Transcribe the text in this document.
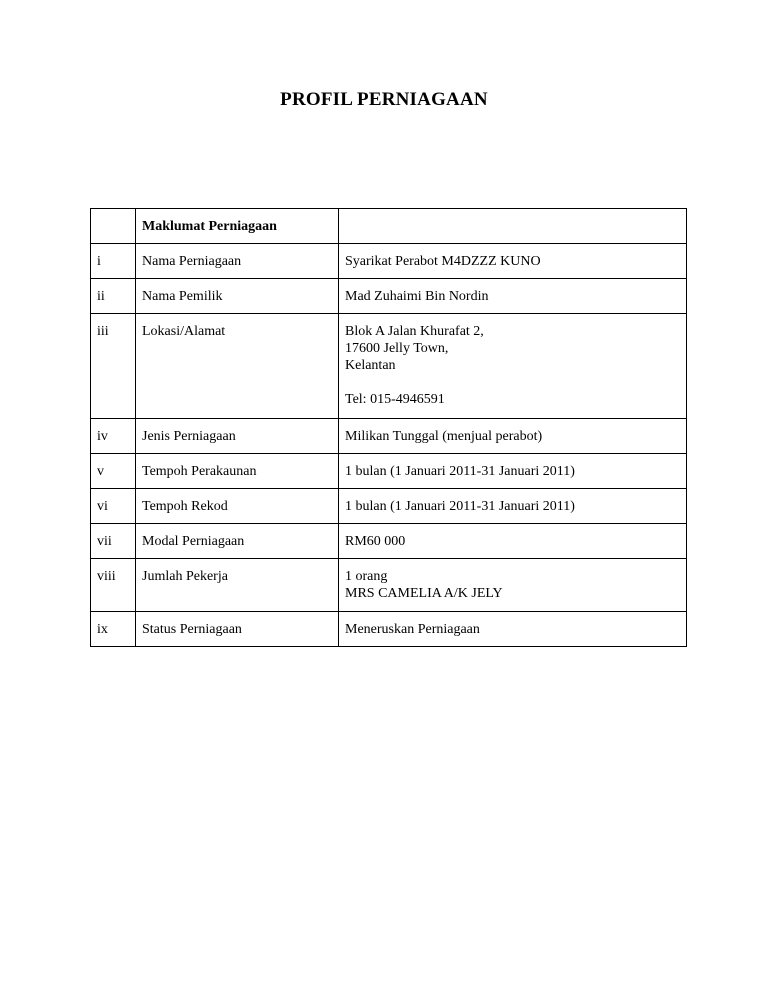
PROFIL PERNIAGAAN
	Maklumat Perniagaan	
i	Nama Perniagaan	Syarikat Perabot M4DZZZ KUNO
ii	Nama Pemilik	Mad Zuhaimi Bin Nordin
iii	Lokasi/Alamat	Blok A Jalan Khurafat 2,
17600 Jelly Town,
Kelantan
Tel: 015-4946591

iv	Jenis Perniagaan	Milikan Tunggal (menjual perabot)
v	Tempoh Perakaunan	1 bulan (1 Januari 2011-31 Januari 2011)
vi	Tempoh Rekod	1 bulan (1 Januari 2011-31 Januari 2011)
vii	Modal Perniagaan	RM60 000
viii	Jumlah Pekerja	1 orang
MRS CAMELIA A/K JELY

ix	Status Perniagaan	Meneruskan Perniagaan
